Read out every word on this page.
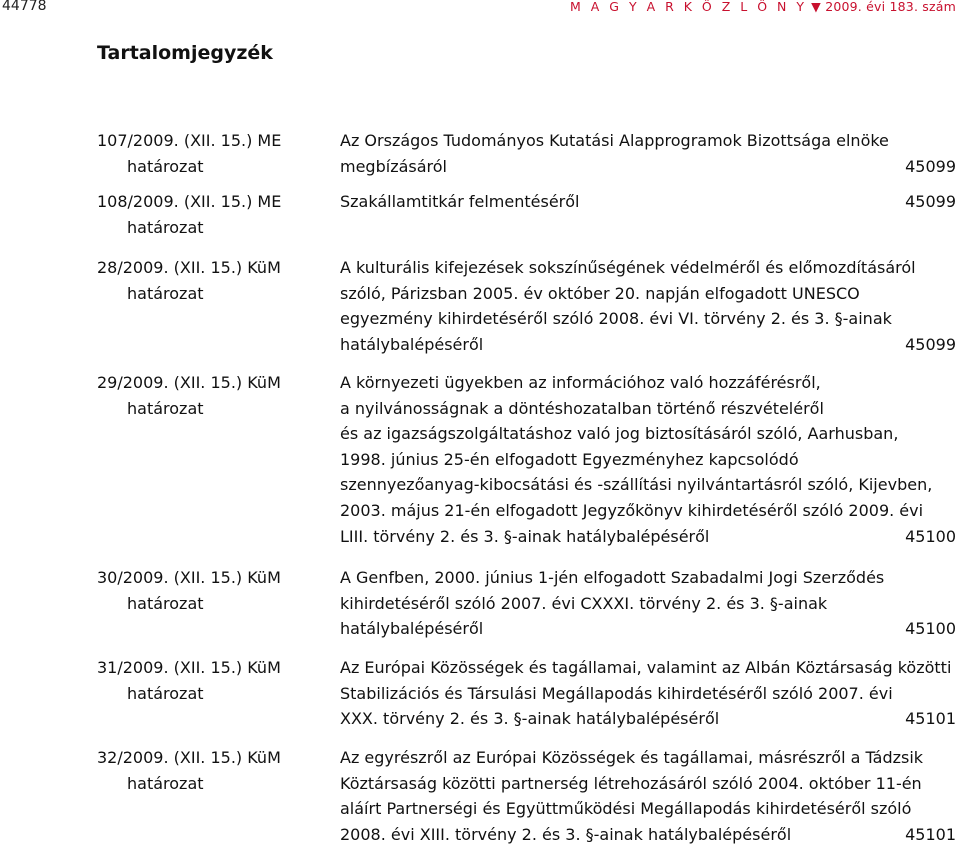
44778	M A G Y A R K Ö Z L Ö N Y ▼ 2009. évi 183. szám
Tartalomjegyzék
107/2009. (XII. 15.) ME
határozat
Az Országos Tudományos Kutatási Alapprogramok Bizottsága elnöke
megbízásáról	45099
108/2009. (XII. 15.) ME
határozat
Szakállamtitkár felmentéséről	45099
28/2009. (XII. 15.) KüM
határozat
A kulturális kifejezések sokszínűségének védelméről és előmozdításáról
szóló, Párizsban 2005. év október 20. napján elfogadott UNESCO
egyezmény kihirdetéséről szóló 2008. évi VI. törvény 2. és 3. §-ainak
hatálybalépéséről	45099
29/2009. (XII. 15.) KüM
határozat
A környezeti ügyekben az információhoz való hozzáférésről,
a nyilvánosságnak a döntéshozatalban történő részvételéről
és az igazságszolgáltatáshoz való jog biztosításáról szóló, Aarhusban,
1998. június 25-én elfogadott Egyezményhez kapcsolódó
szennyezőanyag-kibocsátási és -szállítási nyilvántartásról szóló, Kijevben,
2003. május 21-én elfogadott Jegyzőkönyv kihirdetéséről szóló 2009. évi
LIII. törvény 2. és 3. §-ainak hatálybalépéséről	45100
30/2009. (XII. 15.) KüM
határozat
A Genfben, 2000. június 1-jén elfogadott Szabadalmi Jogi Szerződés
kihirdetéséről szóló 2007. évi CXXXI. törvény 2. és 3. §-ainak
hatálybalépéséről	45100
31/2009. (XII. 15.) KüM
határozat
Az Európai Közösségek és tagállamai, valamint az Albán Köztársaság közötti
Stabilizációs és Társulási Megállapodás kihirdetéséről szóló 2007. évi
XXX. törvény 2. és 3. §-ainak hatálybalépéséről	45101
32/2009. (XII. 15.) KüM
határozat
Az egyrészről az Európai Közösségek és tagállamai, másrészről a Tádzsik
Köztársaság közötti partnerség létrehozásáról szóló 2004. október 11-én
aláírt Partnerségi és Együttműködési Megállapodás kihirdetéséről szóló
2008. évi XIII. törvény 2. és 3. §-ainak hatálybalépéséről	45101
